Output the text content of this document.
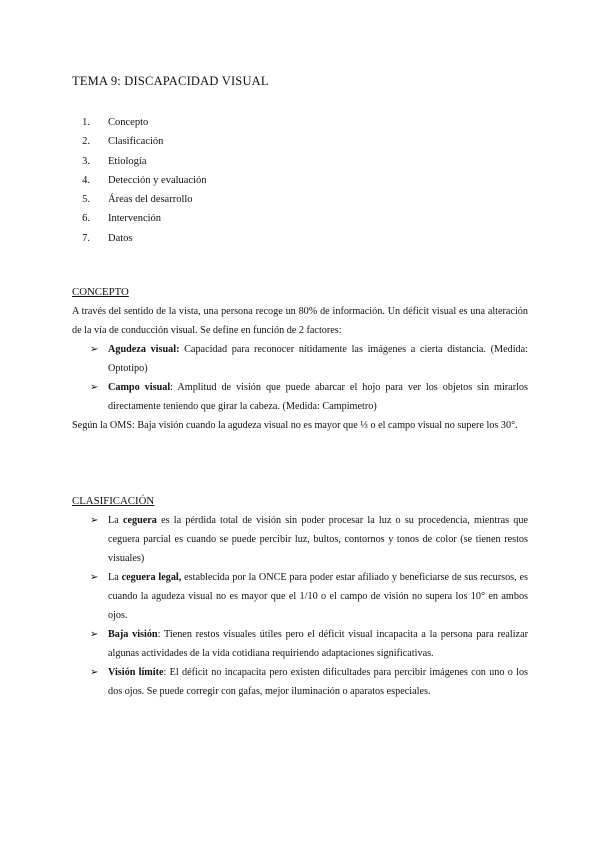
TEMA 9: DISCAPACIDAD VISUAL
1. Concepto
2. Clasificación
3. Etiología
4. Detección y evaluación
5. Áreas del desarrollo
6. Intervención
7. Datos
CONCEPTO
A través del sentido de la vista, una persona recoge un 80% de información. Un déficit visual es una alteración de la vía de conducción visual. Se define en función de 2 factores:
➢ Agudeza visual: Capacidad para reconocer nítidamente las imágenes a cierta distancia. (Medida: Optotipo)
➢ Campo visual: Amplitud de visión que puede abarcar el hojo para ver los objetos sin mirarlos directamente teniendo que girar la cabeza. (Medida: Campímetro)
Según la OMS: Baja visión cuando la agudeza visual no es mayor que ⅓ o el campo visual no supere los 30°.
CLASIFICACIÓN
➢ La ceguera es la pérdida total de visión sin poder procesar la luz o su procedencia, mientras que ceguera parcial es cuando se puede percibir luz, bultos, contornos y tonos de color (se tienen restos visuales)
➢ La ceguera legal, establecida por la ONCE para poder estar afiliado y beneficiarse de sus recursos, es cuando la agudeza visual no es mayor que el 1/10 o el campo de visión no supera los 10° en ambos ojos.
➢ Baja visión: Tienen restos visuales útiles pero el déficit visual incapacita a la persona para realizar algunas actividades de la vida cotidiana requiriendo adaptaciones significativas.
➢ Visión límite: El déficit no incapacita pero existen dificultades para percibir imágenes con uno o los dos ojos. Se puede corregir con gafas, mejor iluminación o aparatos especiales.
